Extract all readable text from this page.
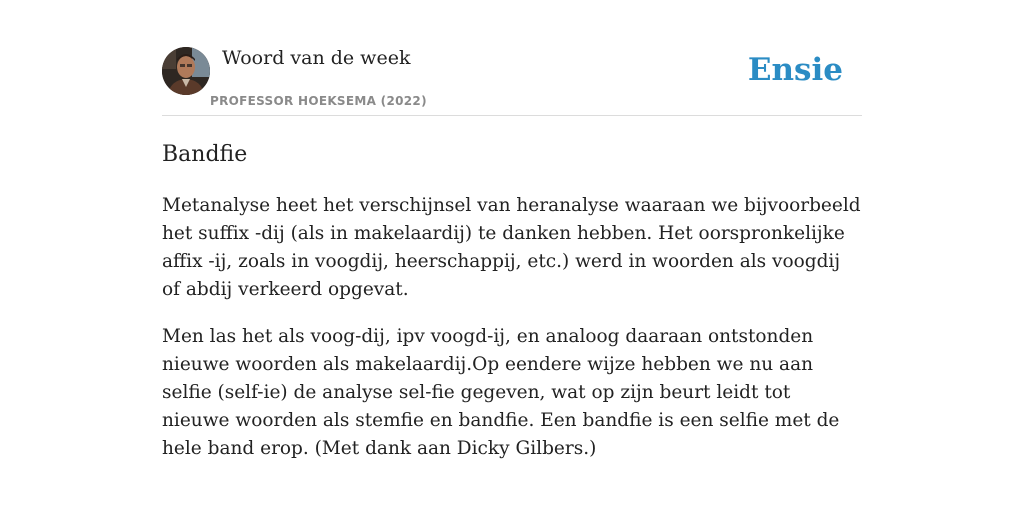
Woord van de week
PROFESSOR HOEKSEMA (2022)
Ensie
Bandfie

Metanalyse heet het verschijnsel van heranalyse waaraan we bijvoorbeeld het suffix -dij (als in makelaardij) te danken hebben. Het oorspronkelijke affix -ij, zoals in voogdij, heerschappij, etc.) werd in woorden als voogdij of abdij verkeerd opgevat.

Men las het als voog-dij, ipv voogd-ij, en analoog daaraan ontstonden nieuwe woorden als makelaardij.Op eendere wijze hebben we nu aan selfie (self-ie) de analyse sel-fie gegeven, wat op zijn beurt leidt tot nieuwe woorden als stemfie en bandfie. Een bandfie is een selfie met de hele band erop. (Met dank aan Dicky Gilbers.)
